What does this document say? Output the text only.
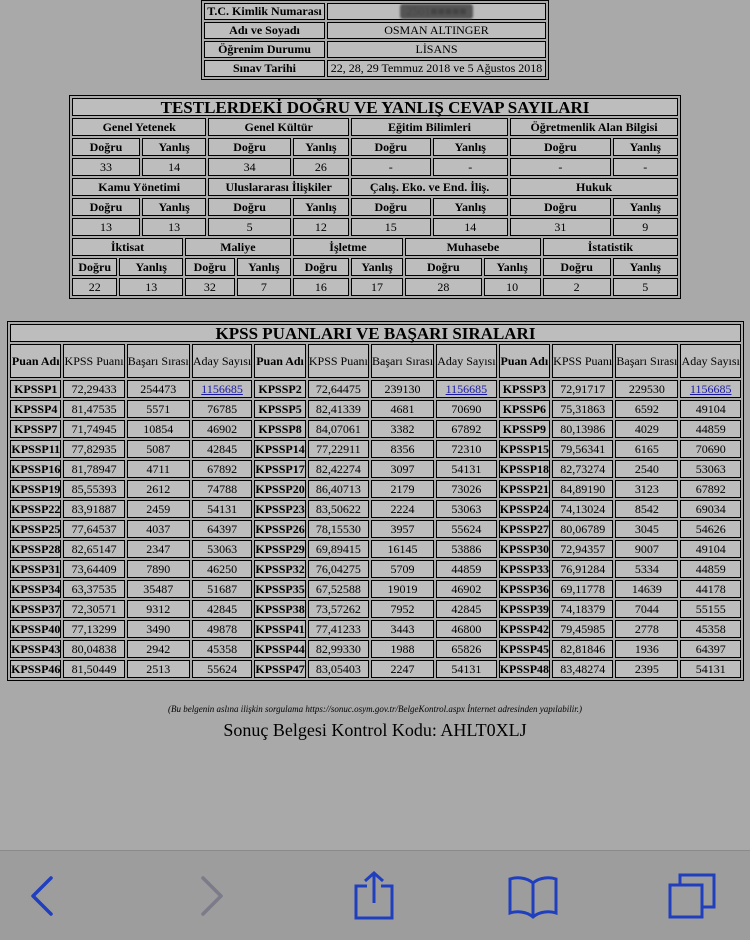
T.C. Kimlik Numarası	2501■■■■■
Adı ve Soyadı	OSMAN ALTINGER
Öğrenim Durumu	LİSANS
Sınav Tarihi	22, 28, 29 Temmuz 2018 ve 5 Ağustos 2018
TESTLERDEKİ DOĞRU VE YANLIŞ CEVAP SAYILARI													
Genel Yetenek				Genel Kültür			Eğitim Bilimleri				Öğretmenlik Alan Bilgisi		
Doğru		Yanlış		Doğru		Yanlış	Doğru		Yanlış		Doğru		Yanlış
33		14		34		26	-		-		-		-
Kamu Yönetimi				Uluslararası İlişkiler			Çalış. Eko. ve End. İliş.				Hukuk		
Doğru		Yanlış		Doğru		Yanlış	Doğru		Yanlış		Doğru		Yanlış
13		13		5		12	15		14		31		9
İktisat			Maliye			İşletme		Muhasebe				İstatistik	
Doğru	Yanlış		Doğru		Yanlış	Doğru	Yanlış	Doğru		Yanlış		Doğru	Yanlış
22	13		32		7	16	17	28		10		2	5
KPSS PUANLARI VE BAŞARI SIRALARI											
Puan Adı	KPSS Puanı	Başarı Sırası	Aday Sayısı	Puan Adı	KPSS Puanı	Başarı Sırası	Aday Sayısı	Puan Adı	KPSS Puanı	Başarı Sırası	Aday Sayısı
KPSSP1	72,29433	254473	1156685	KPSSP2	72,64475	239130	1156685	KPSSP3	72,91717	229530	1156685
KPSSP4	81,47535	5571	76785	KPSSP5	82,41339	4681	70690	KPSSP6	75,31863	6592	49104
KPSSP7	71,74945	10854	46902	KPSSP8	84,07061	3382	67892	KPSSP9	80,13986	4029	44859
KPSSP11	77,82935	5087	42845	KPSSP14	77,22911	8356	72310	KPSSP15	79,56341	6165	70690
KPSSP16	81,78947	4711	67892	KPSSP17	82,42274	3097	54131	KPSSP18	82,73274	2540	53063
KPSSP19	85,55393	2612	74788	KPSSP20	86,40713	2179	73026	KPSSP21	84,89190	3123	67892
KPSSP22	83,91887	2459	54131	KPSSP23	83,50622	2224	53063	KPSSP24	74,13024	8542	69034
KPSSP25	77,64537	4037	64397	KPSSP26	78,15530	3957	55624	KPSSP27	80,06789	3045	54626
KPSSP28	82,65147	2347	53063	KPSSP29	69,89415	16145	53886	KPSSP30	72,94357	9007	49104
KPSSP31	73,64409	7890	46250	KPSSP32	76,04275	5709	44859	KPSSP33	76,91284	5334	44859
KPSSP34	63,37535	35487	51687	KPSSP35	67,52588	19019	46902	KPSSP36	69,11778	14639	44178
KPSSP37	72,30571	9312	42845	KPSSP38	73,57262	7952	42845	KPSSP39	74,18379	7044	55155
KPSSP40	77,13299	3490	49878	KPSSP41	77,41233	3443	46800	KPSSP42	79,45985	2778	45358
KPSSP43	80,04838	2942	45358	KPSSP44	82,99330	1988	65826	KPSSP45	82,81846	1936	64397
KPSSP46	81,50449	2513	55624	KPSSP47	83,05403	2247	54131	KPSSP48	83,48274	2395	54131
(Bu belgenin aslına ilişkin sorgulama https://sonuc.osym.gov.tr/BelgeKontrol.aspx İnternet adresinden yapılabilir.)
Sonuç Belgesi Kontrol Kodu: AHLT0XLJ
